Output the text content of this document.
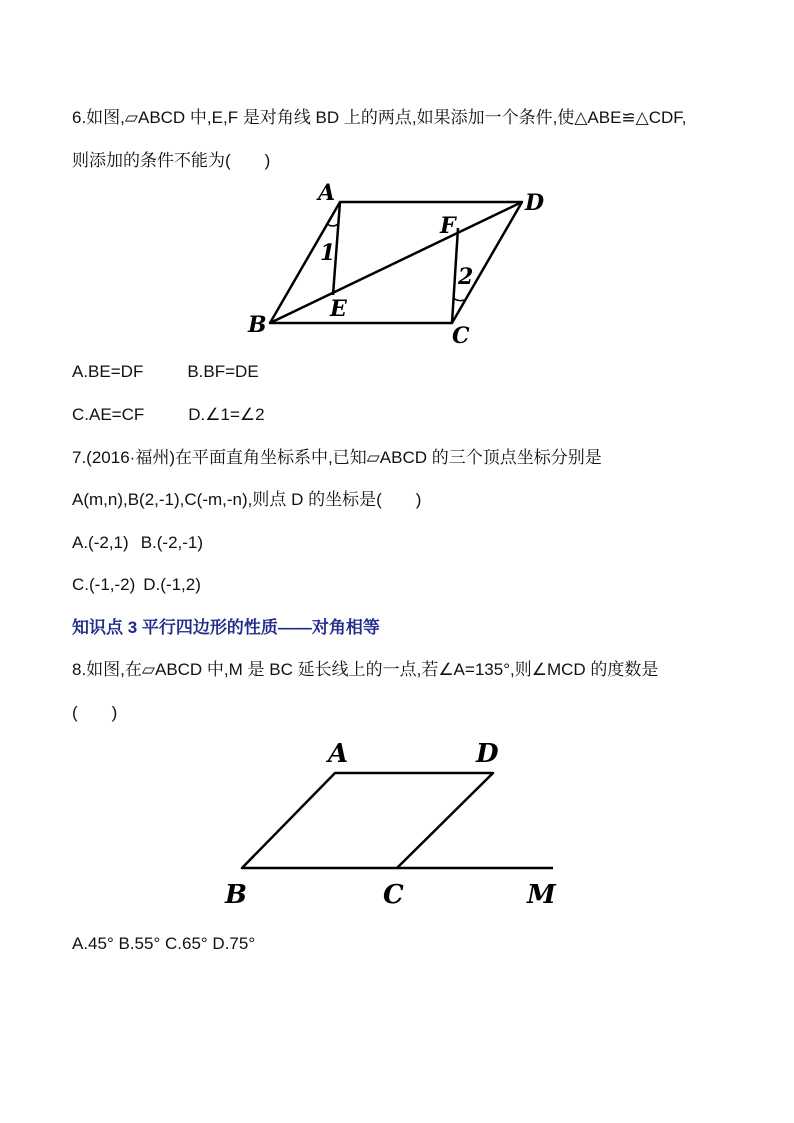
6.如图,▱ABCD 中,E,F 是对角线 BD 上的两点,如果添加一个条件,使△ABE≌△CDF,
则添加的条件不能为(　　)
A	D
B	C
E
F
1
2
A.BE=DF	B.BF=DE
C.AE=CF	D.∠1=∠2
7.(2016·福州)在平面直角坐标系中,已知▱ABCD 的三个顶点坐标分别是
A(m,n),B(2,-1),C(-m,-n),则点 D 的坐标是(　　)
A.(-2,1) B.(-2,-1)
C.(-1,-2) D.(-1,2)
知识点 3 平行四边形的性质——对角相等
8.如图,在▱ABCD 中,M 是 BC 延长线上的一点,若∠A=135°,则∠MCD 的度数是
(　　)
A	D
B	C	M
A.45° B.55° C.65° D.75°
